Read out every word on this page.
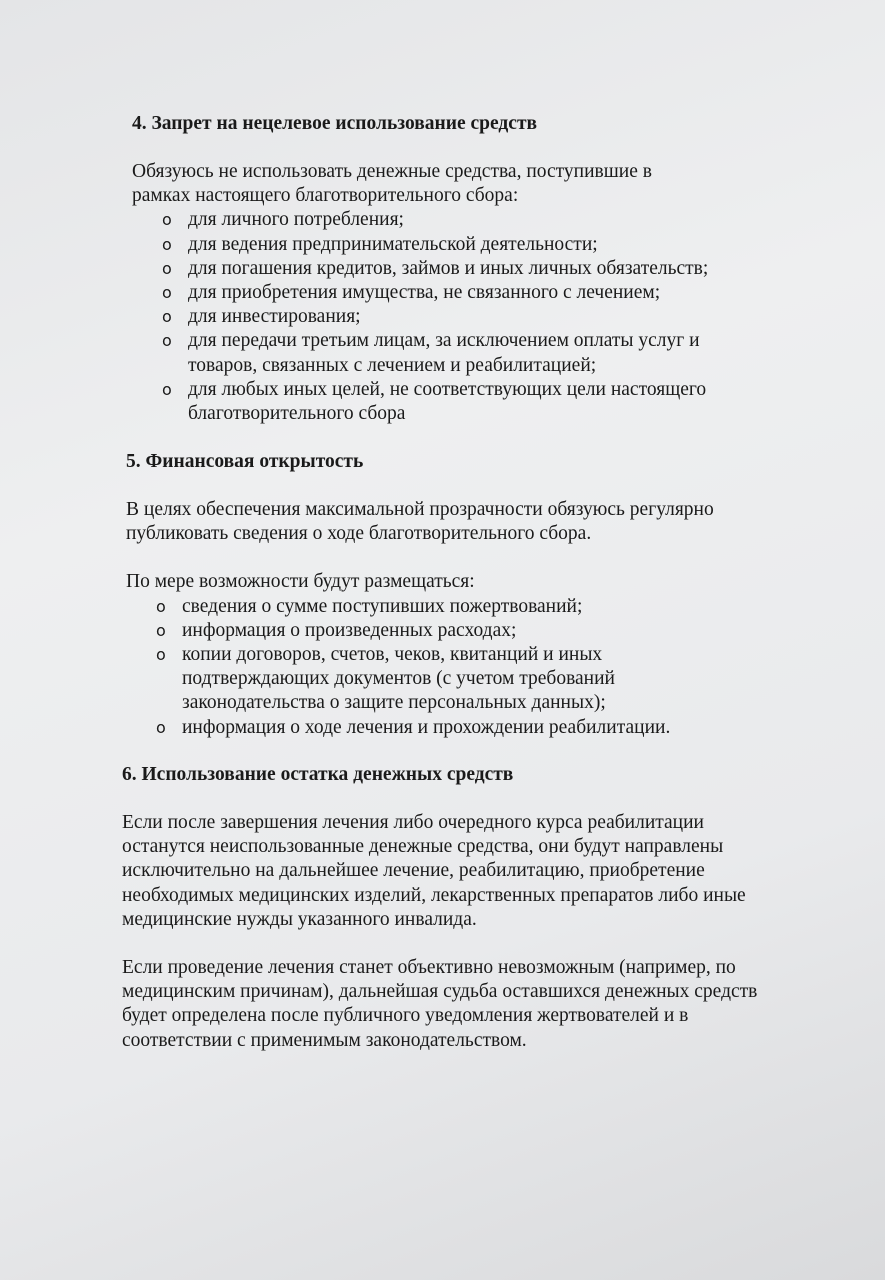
4. Запрет на нецелевое использование средств

Обязуюсь не использовать денежные средства, поступившие в рамках настоящего благотворительного сбора:

o для личного потребления;
o для ведения предпринимательской деятельности;
o для погашения кредитов, займов и иных личных обязательств;
o для приобретения имущества, не связанного с лечением;
o для инвестирования;
o для передачи третьим лицам, за исключением оплаты услуг и товаров, связанных с лечением и реабилитацией;
o для любых иных целей, не соответствующих цели настоящего благотворительного сбора
5. Финансовая открытость

В целях обеспечения максимальной прозрачности обязуюсь регулярно публиковать сведения о ходе благотворительного сбора.

По мере возможности будут размещаться:

o сведения о сумме поступивших пожертвований;
o информация о произведенных расходах;
o копии договоров, счетов, чеков, квитанций и иных подтверждающих документов (с учетом требований законодательства о защите персональных данных);
o информация о ходе лечения и прохождении реабилитации.
6. Использование остатка денежных средств

Если после завершения лечения либо очередного курса реабилитации останутся неиспользованные денежные средства, они будут направлены исключительно на дальнейшее лечение, реабилитацию, приобретение необходимых медицинских изделий, лекарственных препаратов либо иные медицинские нужды указанного инвалида.

Если проведение лечения станет объективно невозможным (например, по медицинским причинам), дальнейшая судьба оставшихся денежных средств будет определена после публичного уведомления жертвователей и в соответствии с применимым законодательством.
